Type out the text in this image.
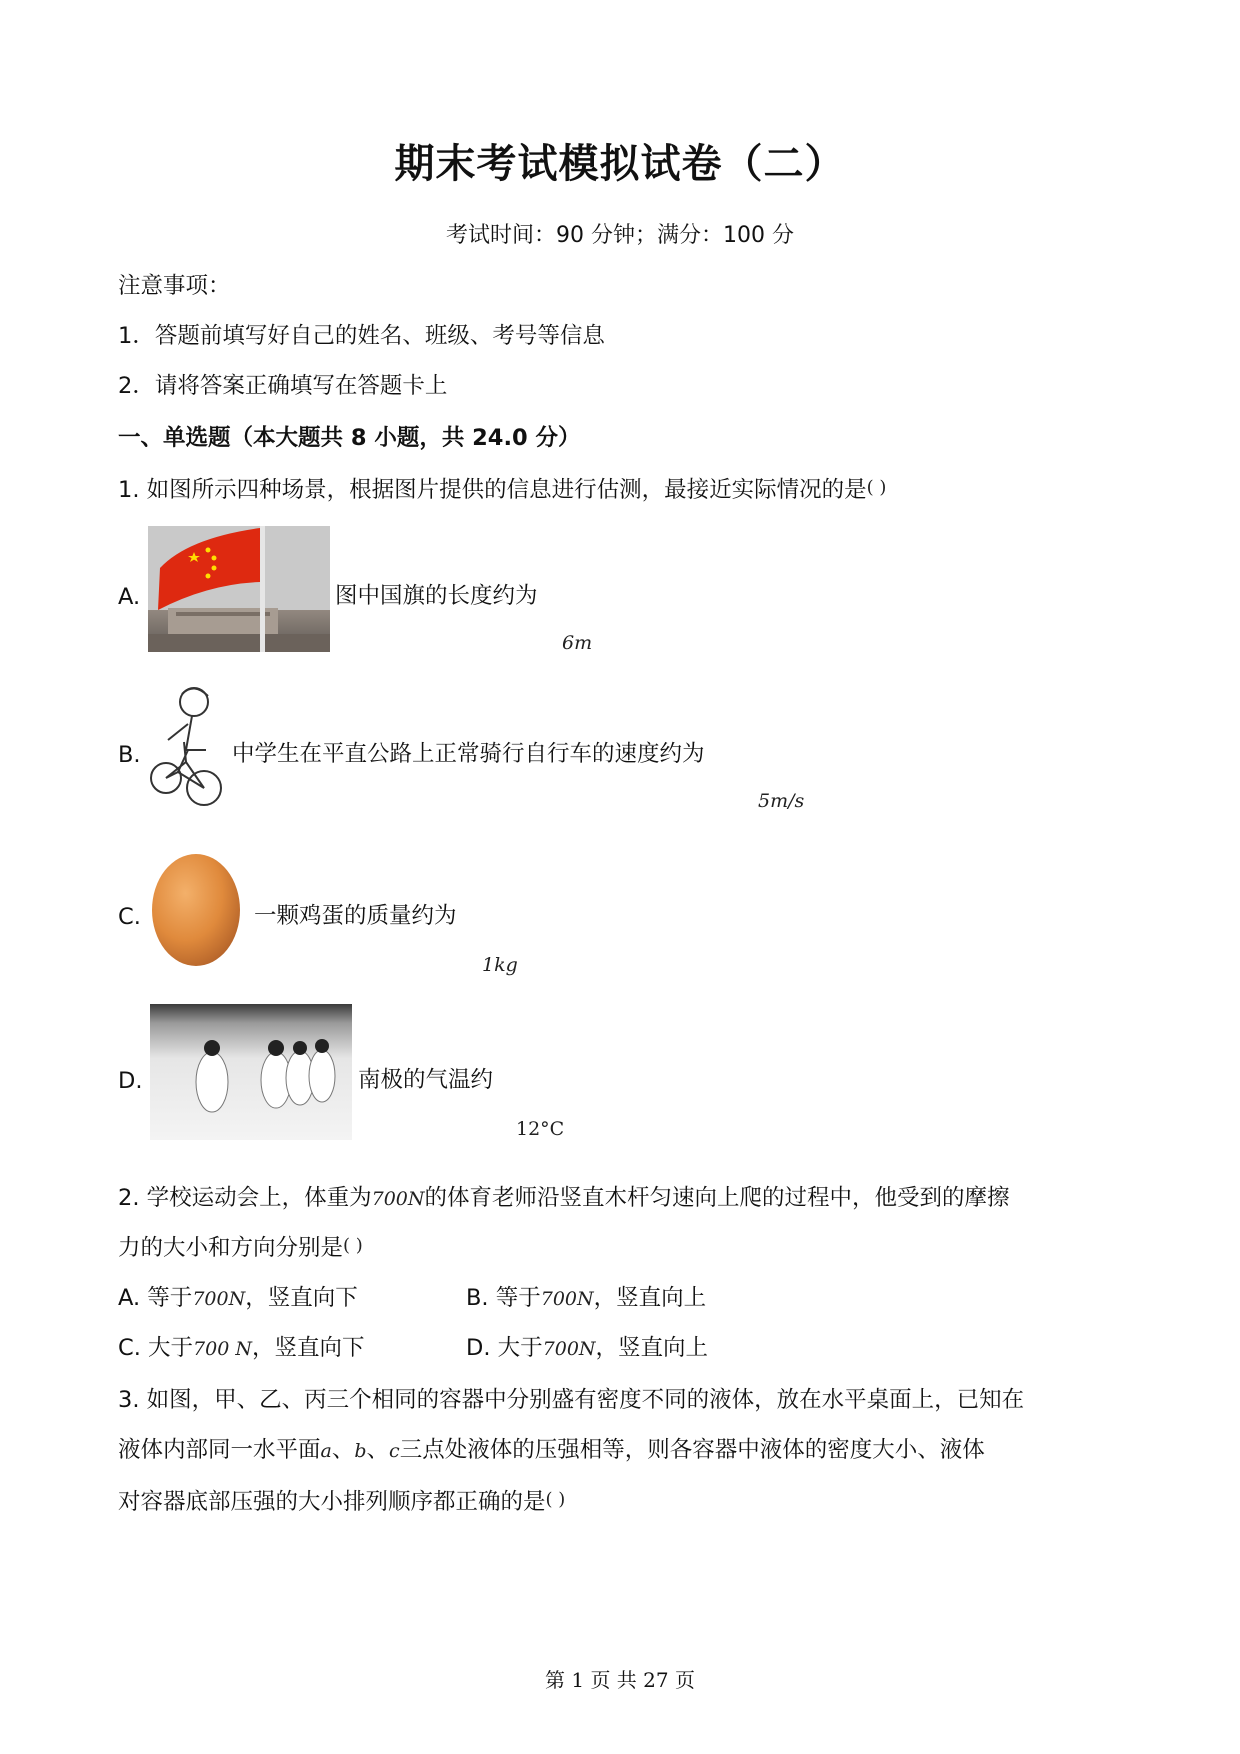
期末考试模拟试卷（二）
考试时间：90 分钟；满分：100 分
注意事项：
1．答题前填写好自己的姓名、班级、考号等信息
2．请将答案正确填写在答题卡上
一、单选题（本大题共 8 小题，共 24.0 分）
1. 如图所示四种场景，根据图片提供的信息进行估测，最接近实际情况的是( )
A.	图中国旗的长度约为
6m
B.	中学生在平直公路上正常骑行自行车的速度约为
5m/s
C.	一颗鸡蛋的质量约为
1kg
D.	南极的气温约
12°C
2. 学校运动会上，体重为700N的体育老师沿竖直木杆匀速向上爬的过程中，他受到的摩擦
力的大小和方向分别是( )
A. 等于700N，竖直向下	B. 等于700N，竖直向上
C. 大于700 N，竖直向下	D. 大于700N，竖直向上
3. 如图，甲、乙、丙三个相同的容器中分别盛有密度不同的液体，放在水平桌面上，已知在
液体内部同一水平面a、b、c三点处液体的压强相等，则各容器中液体的密度大小、液体
对容器底部压强的大小排列顺序都正确的是( )
第 1 页 共 27 页
